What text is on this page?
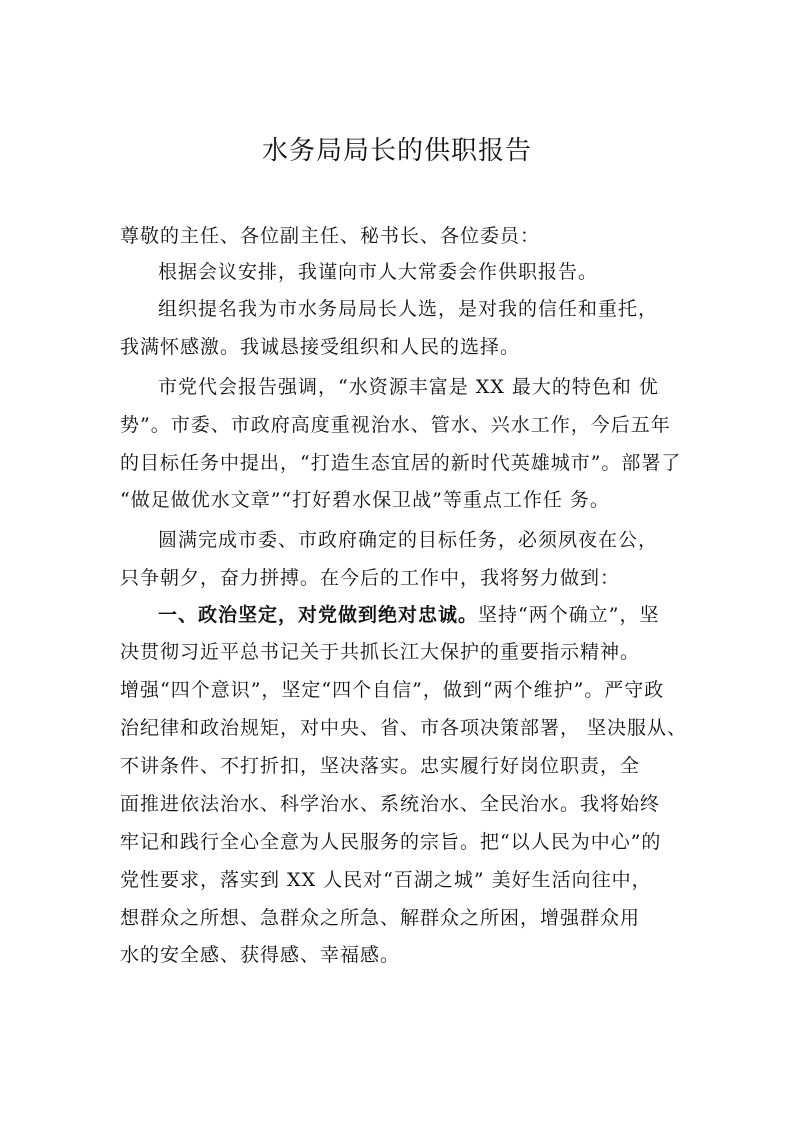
水务局局长的供职报告
尊敬的主任、各位副主任、秘书长、各位委员：
根据会议安排，我谨向市人大常委会作供职报告。
组织提名我为市水务局局长人选，是对我的信任和重托，
我满怀感激。我诚恳接受组织和人民的选择。
市党代会报告强调，“水资源丰富是 XX 最大的特色和 优
势”。市委、市政府高度重视治水、管水、兴水工作，今后五年
的目标任务中提出，“打造生态宜居的新时代英雄城市”。部署了
“做足做优水文章”“打好碧水保卫战”等重点工作任 务。
圆满完成市委、市政府确定的目标任务，必须夙夜在公，
只争朝夕，奋力拼搏。在今后的工作中，我将努力做到：
一、政治坚定，对党做到绝对忠诚。坚持“两个确立”，坚
决贯彻习近平总书记关于共抓长江大保护的重要指示精神。
增强“四个意识”，坚定“四个自信”，做到“两个维护”。严守政
治纪律和政治规矩，对中央、省、市各项决策部署， 坚决服从、
不讲条件、不打折扣，坚决落实。忠实履行好岗位职责，全
面推进依法治水、科学治水、系统治水、全民治水。我将始终
牢记和践行全心全意为人民服务的宗旨。把“以人民为中心”的
党性要求，落实到 XX 人民对“百湖之城” 美好生活向往中，
想群众之所想、急群众之所急、解群众之所困，增强群众用
水的安全感、获得感、幸福感。
